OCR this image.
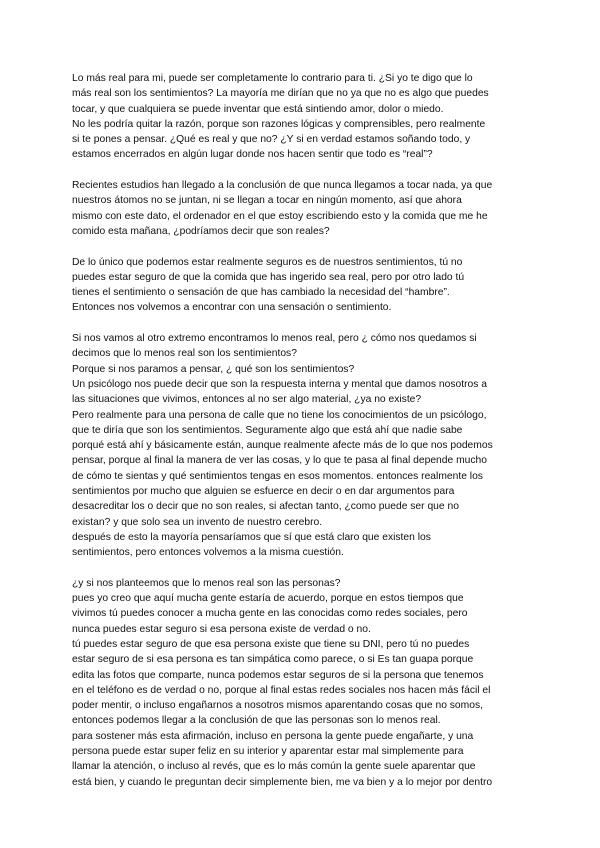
Lo más real para mi, puede ser completamente lo contrario para ti. ¿Si yo te digo que lo
más real son los sentimientos? La mayoría me dirían que no ya que no es algo que puedes
tocar, y que cualquiera se puede inventar que está sintiendo amor, dolor o miedo.
No les podría quitar la razón, porque son razones lógicas y comprensibles, pero realmente
si te pones a pensar. ¿Qué es real y que no? ¿Y si en verdad estamos soñando todo, y
estamos encerrados en algún lugar donde nos hacen sentir que todo es “real”?

Recientes estudios han llegado a la conclusión de que nunca llegamos a tocar nada, ya que
nuestros átomos no se juntan, ni se llegan a tocar en ningún momento, así que ahora
mismo con este dato, el ordenador en el que estoy escribiendo esto y la comida que me he
comido esta mañana, ¿podríamos decir que son reales?

De lo único que podemos estar realmente seguros es de nuestros sentimientos, tú no
puedes estar seguro de que la comida que has ingerido sea real, pero por otro lado tú
tienes el sentimiento o sensación de que has cambiado la necesidad del “hambre”.
Entonces nos volvemos a encontrar con una sensación o sentimiento.

Si nos vamos al otro extremo encontramos lo menos real, pero ¿ cómo nos quedamos si
decimos que lo menos real son los sentimientos?
Porque si nos paramos a pensar, ¿ qué son los sentimientos?
Un psicólogo nos puede decir que son la respuesta interna y mental que damos nosotros a
las situaciones que vivimos, entonces al no ser algo material, ¿ya no existe?
Pero realmente para una persona de calle que no tiene los conocimientos de un psicólogo,
que te diría que son los sentimientos. Seguramente algo que está ahí que nadie sabe
porqué está ahí y básicamente están, aunque realmente afecte más de lo que nos podemos
pensar, porque al final la manera de ver las cosas, y lo que te pasa al final depende mucho
de cómo te sientas y qué sentimientos tengas en esos momentos. entonces realmente los
sentimientos por mucho que alguien se esfuerce en decir o en dar argumentos para
desacreditar los o decir que no son reales, si afectan tanto, ¿como puede ser que no
existan? y que solo sea un invento de nuestro cerebro.
después de esto la mayoría pensaríamos que sí que está claro que existen los
sentimientos, pero entonces volvemos a la misma cuestión.

¿y si nos planteemos que lo menos real son las personas?
pues yo creo que aquí mucha gente estaría de acuerdo, porque en estos tiempos que
vivimos tú puedes conocer a mucha gente en las conocidas como redes sociales, pero
nunca puedes estar seguro si esa persona existe de verdad o no.
tú puedes estar seguro de que esa persona existe que tiene su DNI, pero tú no puedes
estar seguro de si esa persona es tan simpática como parece, o si Es tan guapa porque
edita las fotos que comparte, nunca podemos estar seguros de si la persona que tenemos
en el teléfono es de verdad o no, porque al final estas redes sociales nos hacen más fácil el
poder mentir, o incluso engañarnos a nosotros mismos aparentando cosas que no somos,
entonces podemos llegar a la conclusión de que las personas son lo menos real.
para sostener más esta afirmación, incluso en persona la gente puede engañarte, y una
persona puede estar super feliz en su interior y aparentar estar mal simplemente para
llamar la atención, o incluso al revés, que es lo más común la gente suele aparentar que
está bien, y cuando le preguntan decir simplemente bien, me va bien y a lo mejor por dentro
